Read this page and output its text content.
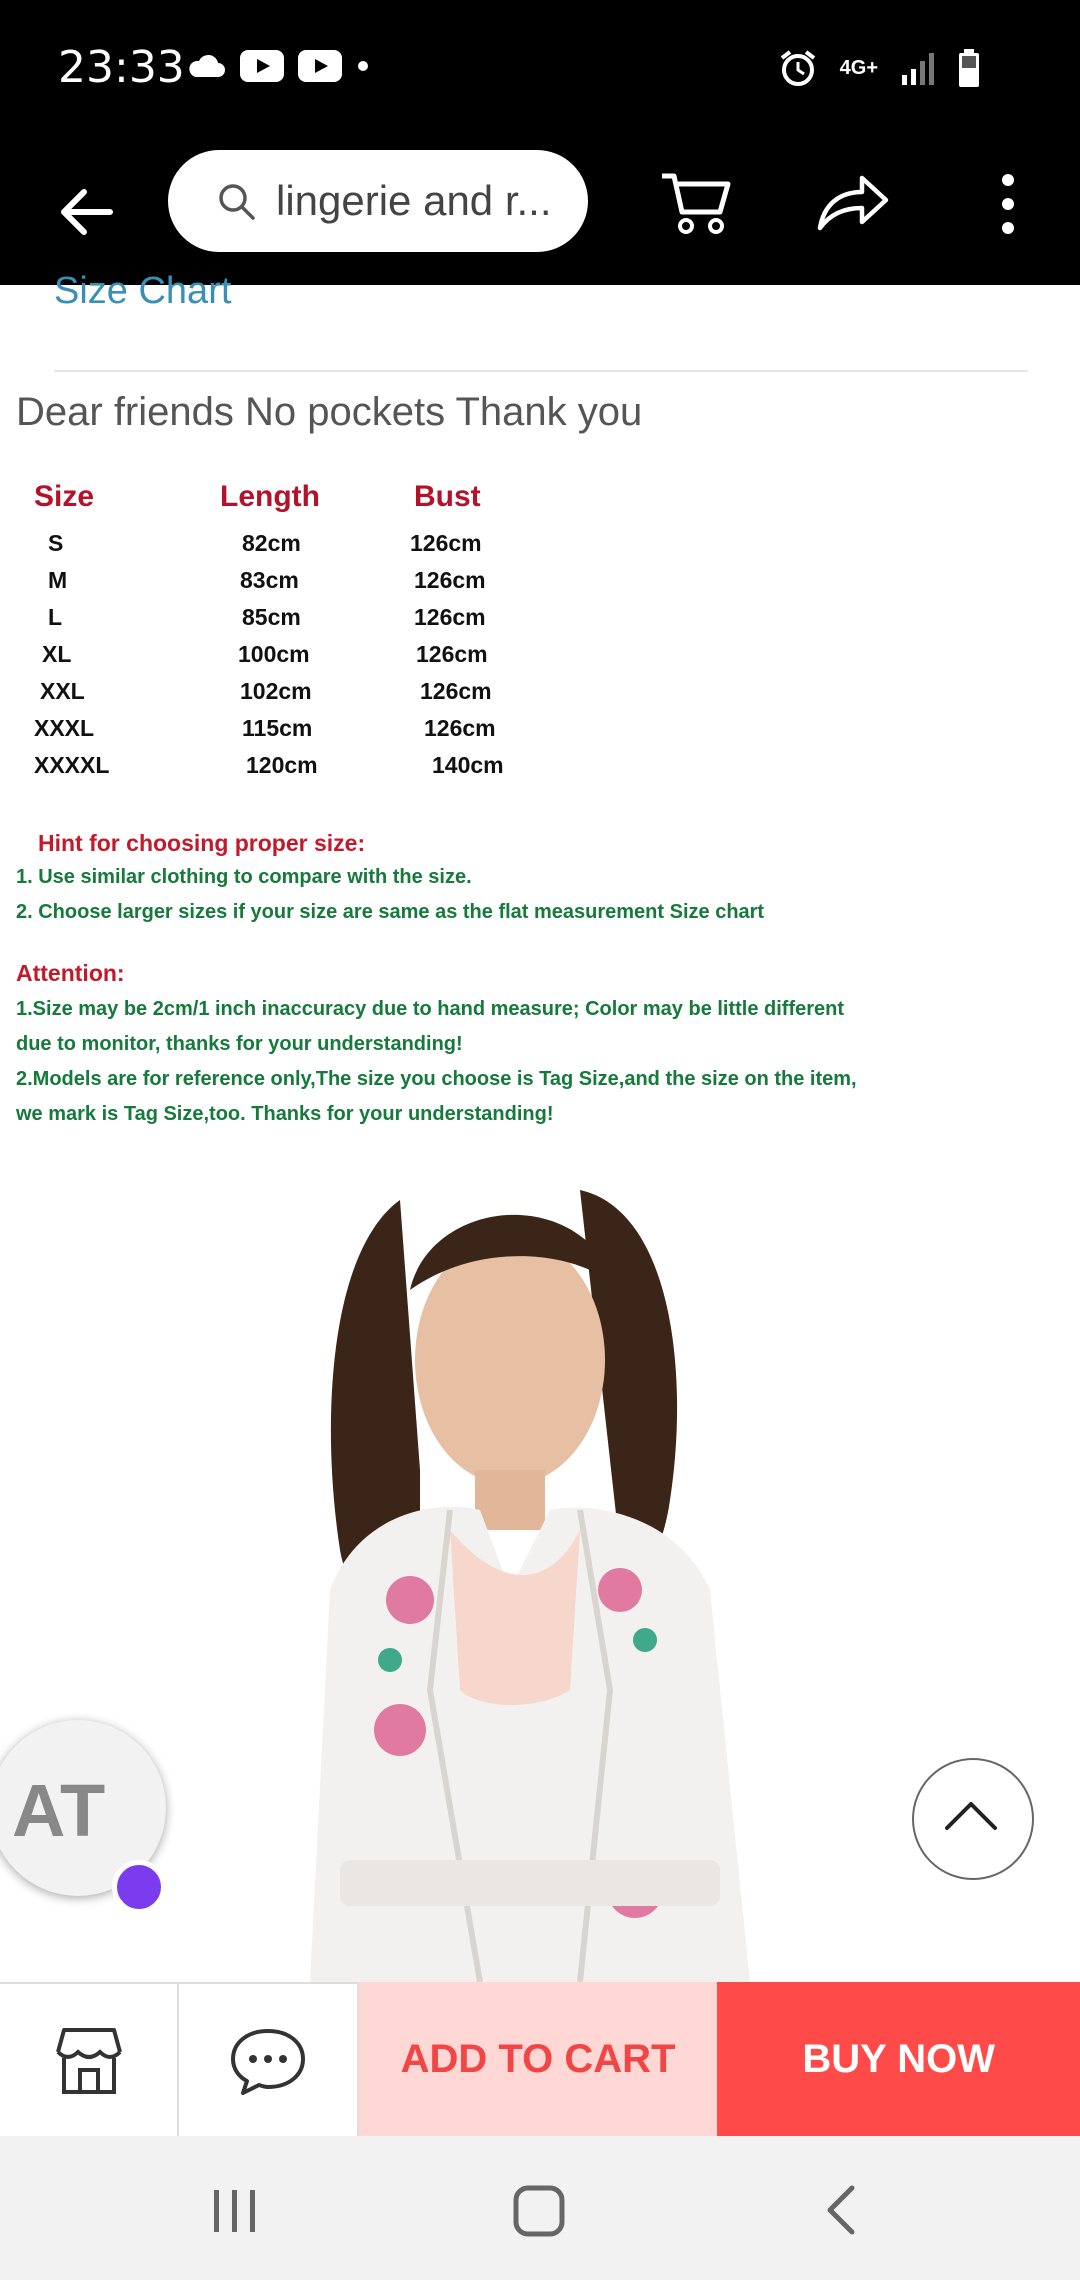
23:33	4G+
lingerie and r...
Size Chart
Dear friends No pockets Thank you
Size	Length	Bust
S	82cm	126cm
M	83cm	126cm
L	85cm	126cm
XL	100cm	126cm
XXL	102cm	126cm
XXXL	115cm	126cm
XXXXL	120cm	140cm
Hint for choosing proper size:
1. Use similar clothing to compare with the size.
2. Choose larger sizes if your size are same as the flat measurement Size chart
Attention:
1.Size may be 2cm/1 inch inaccuracy due to hand measure; Color may be little different
due to monitor, thanks for your understanding!
2.Models are for reference only,The size you choose is Tag Size,and the size on the item,
we mark is Tag Size,too. Thanks for your understanding!
AT
ADD TO CART	BUY NOW
